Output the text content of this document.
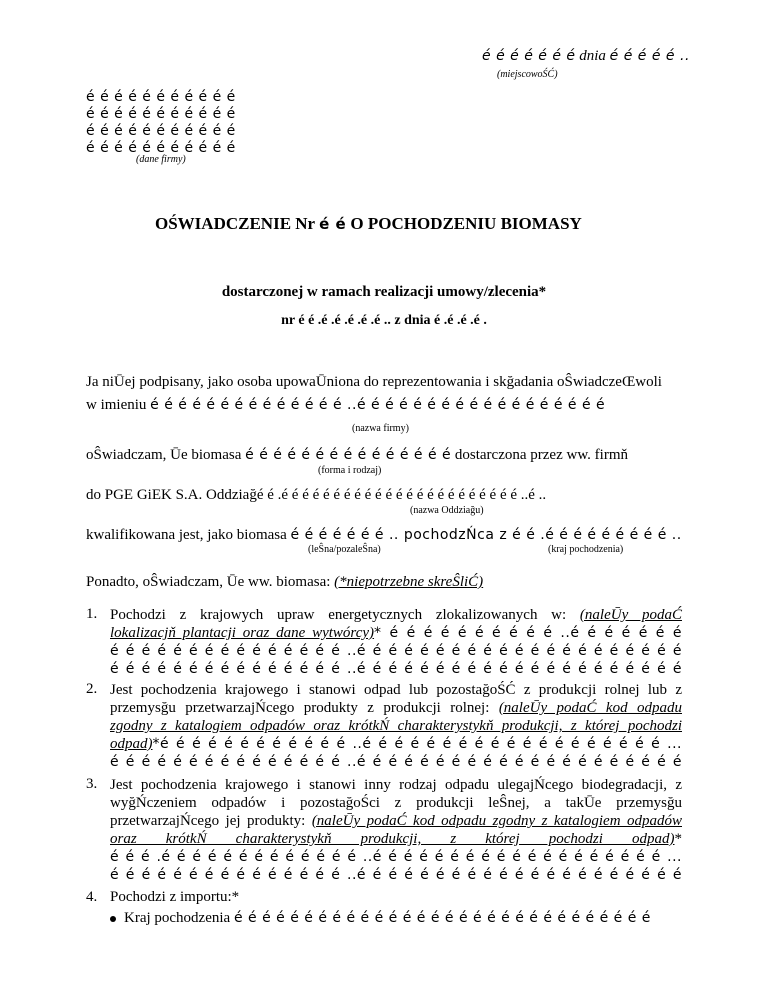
é é é é é é é dnia é é é é é ..
(miejscowoŚĆ)
é é é é é é é é é é é
é é é é é é é é é é é
é é é é é é é é é é é
é é é é é é é é é é é
(dane firmy)
OŚWIADCZENIE Nr é é O POCHODZENIU BIOMASY
dostarczonej w ramach realizacji umowy/zlecenia*
nr é é .é .é .é .é .é .. z dnia é .é .é .é .
Ja niŪej podpisany, jako osoba upowaŪniona do reprezentowania i skğadania oŜwiadczeŒwoli
w imieniu é é é é é é é é é é é é é é ..é é é é é é é é é é é é é é é é é é
(nazwa firmy)
oŜwiadczam, Ūe biomasa é é é é é é é é é é é é é é é dostarczona przez ww. firmň
(forma i rodzaj)
do PGE GiEK S.A. Oddziağé é .é é é é é é é é é é é é é é é é é é é é é é é ..é ..
(nazwa Oddziağu)
kwalifikowana jest, jako biomasa é é é é é é é .. pochodzŃca z é é .é é é é é é é é é ..
(leŜna/pozaleŜna)	(kraj pochodzenia)
Ponadto, oŜwiadczam, Ūe ww. biomasa: (*niepotrzebne skreŜliĆ)
1. Pochodzi z krajowych upraw energetycznych zlokalizowanych w: (naleŪy podaĆ
lokalizacjň plantacji oraz dane wytwórcy)* é é é é é é é é é é ..é é é é é é é
é é é é é é é é é é é é é é é ..é é é é é é é é é é é é é é é é é é é é é
é é é é é é é é é é é é é é é ..é é é é é é é é é é é é é é é é é é é é é
2. Jest pochodzenia krajowego i stanowi odpad lub pozostağoŚĆ z produkcji rolnej lub z
przemysğu przetwarzajŃcego produkty z produkcji rolnej: (naleŪy podaĆ kod odpadu
zgodny z katalogiem odpadów oraz krótkŃ charakterystykň produkcji, z której pochodzi
odpad)*é é é é é é é é é é é é ..é é é é é é é é é é é é é é é é é é é ...
é é é é é é é é é é é é é é é ..é é é é é é é é é é é é é é é é é é é é é
3. Jest pochodzenia krajowego i stanowi inny rodzaj odpadu ulegajŃcego biodegradacji, z
wyğŃczeniem odpadów i pozostağoŚci z produkcji leŜnej, a takŪe przemysğu
przetwarzajŃcego jej produkty: (naleŪy podaĆ kod odpadu zgodny z katalogiem odpadów
oraz krótkŃ charakterystykň produkcji, z której pochodzi odpad)*
é é é .é é é é é é é é é é é é é ..é é é é é é é é é é é é é é é é é é é ...
é é é é é é é é é é é é é é é ..é é é é é é é é é é é é é é é é é é é é é
4. Pochodzi z importu:*
Kraj pochodzenia é é é é é é é é é é é é é é é é é é é é é é é é é é é é é é
